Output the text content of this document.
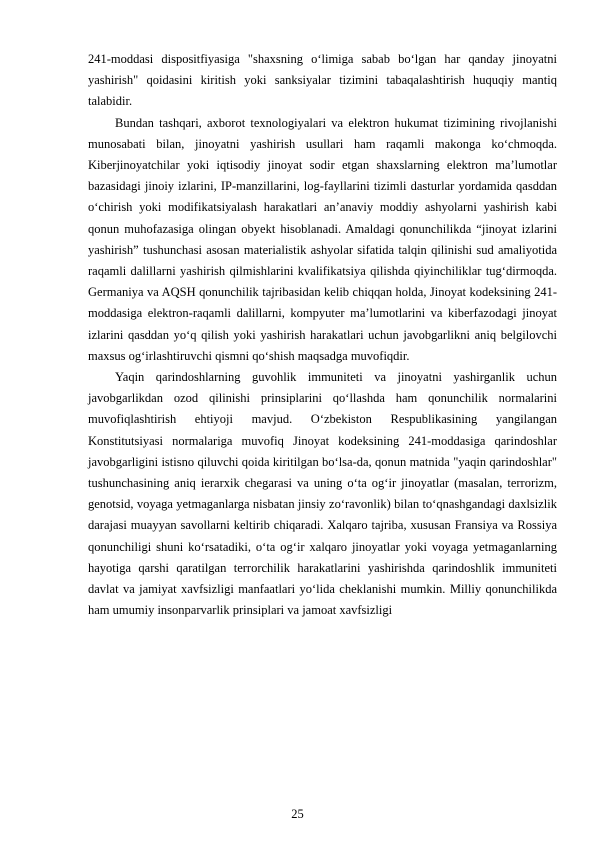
241-moddasi dispositfiyasiga "shaxsning o‘limiga sabab bo‘lgan har qanday jinoyatni yashirish" qoidasini kiritish yoki sanksiyalar tizimini tabaqalashtirish huquqiy mantiq talabidir.

Bundan tashqari, axborot texnologiyalari va elektron hukumat tizimining rivojlanishi munosabati bilan, jinoyatni yashirish usullari ham raqamli makonga ko‘chmoqda. Kiberjinoyatchilar yoki iqtisodiy jinoyat sodir etgan shaxslarning elektron ma’lumotlar bazasidagi jinoiy izlarini, IP-manzillarini, log-fayllarini tizimli dasturlar yordamida qasddan o‘chirish yoki modifikatsiyalash harakatlari an’anaviy moddiy ashyolarni yashirish kabi qonun muhofazasiga olingan obyekt hisoblanadi. Amaldagi qonunchilikda “jinoyat izlarini yashirish” tushunchasi asosan materialistik ashyolar sifatida talqin qilinishi sud amaliyotida raqamli dalillarni yashirish qilmishlarini kvalifikatsiya qilishda qiyinchiliklar tug‘dirmoqda. Germaniya va AQSH qonunchilik tajribasidan kelib chiqqan holda, Jinoyat kodeksining 241-moddasiga elektron-raqamli dalillarni, kompyuter ma’lumotlarini va kiberfazodagi jinoyat izlarini qasddan yo‘q qilish yoki yashirish harakatlari uchun javobgarlikni aniq belgilovchi maxsus og‘irlashtiruvchi qismni qo‘shish maqsadga muvofiqdir.

Yaqin qarindoshlarning guvohlik immuniteti va jinoyatni yashirganlik uchun javobgarlikdan ozod qilinishi prinsiplarini qo‘llashda ham qonunchilik normalarini muvofiqlashtirish ehtiyoji mavjud. O‘zbekiston Respublikasining yangilangan Konstitutsiyasi normalariga muvofiq Jinoyat kodeksining 241-moddasiga qarindoshlar javobgarligini istisno qiluvchi qoida kiritilgan bo‘lsa-da, qonun matnida "yaqin qarindoshlar" tushunchasining aniq ierarxik chegarasi va uning o‘ta og‘ir jinoyatlar (masalan, terrorizm, genotsid, voyaga yetmaganlarga nisbatan jinsiy zo‘ravonlik) bilan to‘qnashgandagi daxlsizlik darajasi muayyan savollarni keltirib chiqaradi. Xalqaro tajriba, xususan Fransiya va Rossiya qonunchiligi shuni ko‘rsatadiki, o‘ta og‘ir xalqaro jinoyatlar yoki voyaga yetmaganlarning hayotiga qarshi qaratilgan terrorchilik harakatlarini yashirishda qarindoshlik immuniteti davlat va jamiyat xavfsizligi manfaatlari yo‘lida cheklanishi mumkin. Milliy qonunchilikda ham umumiy insonparvarlik prinsiplari va jamoat xavfsizligi

25
